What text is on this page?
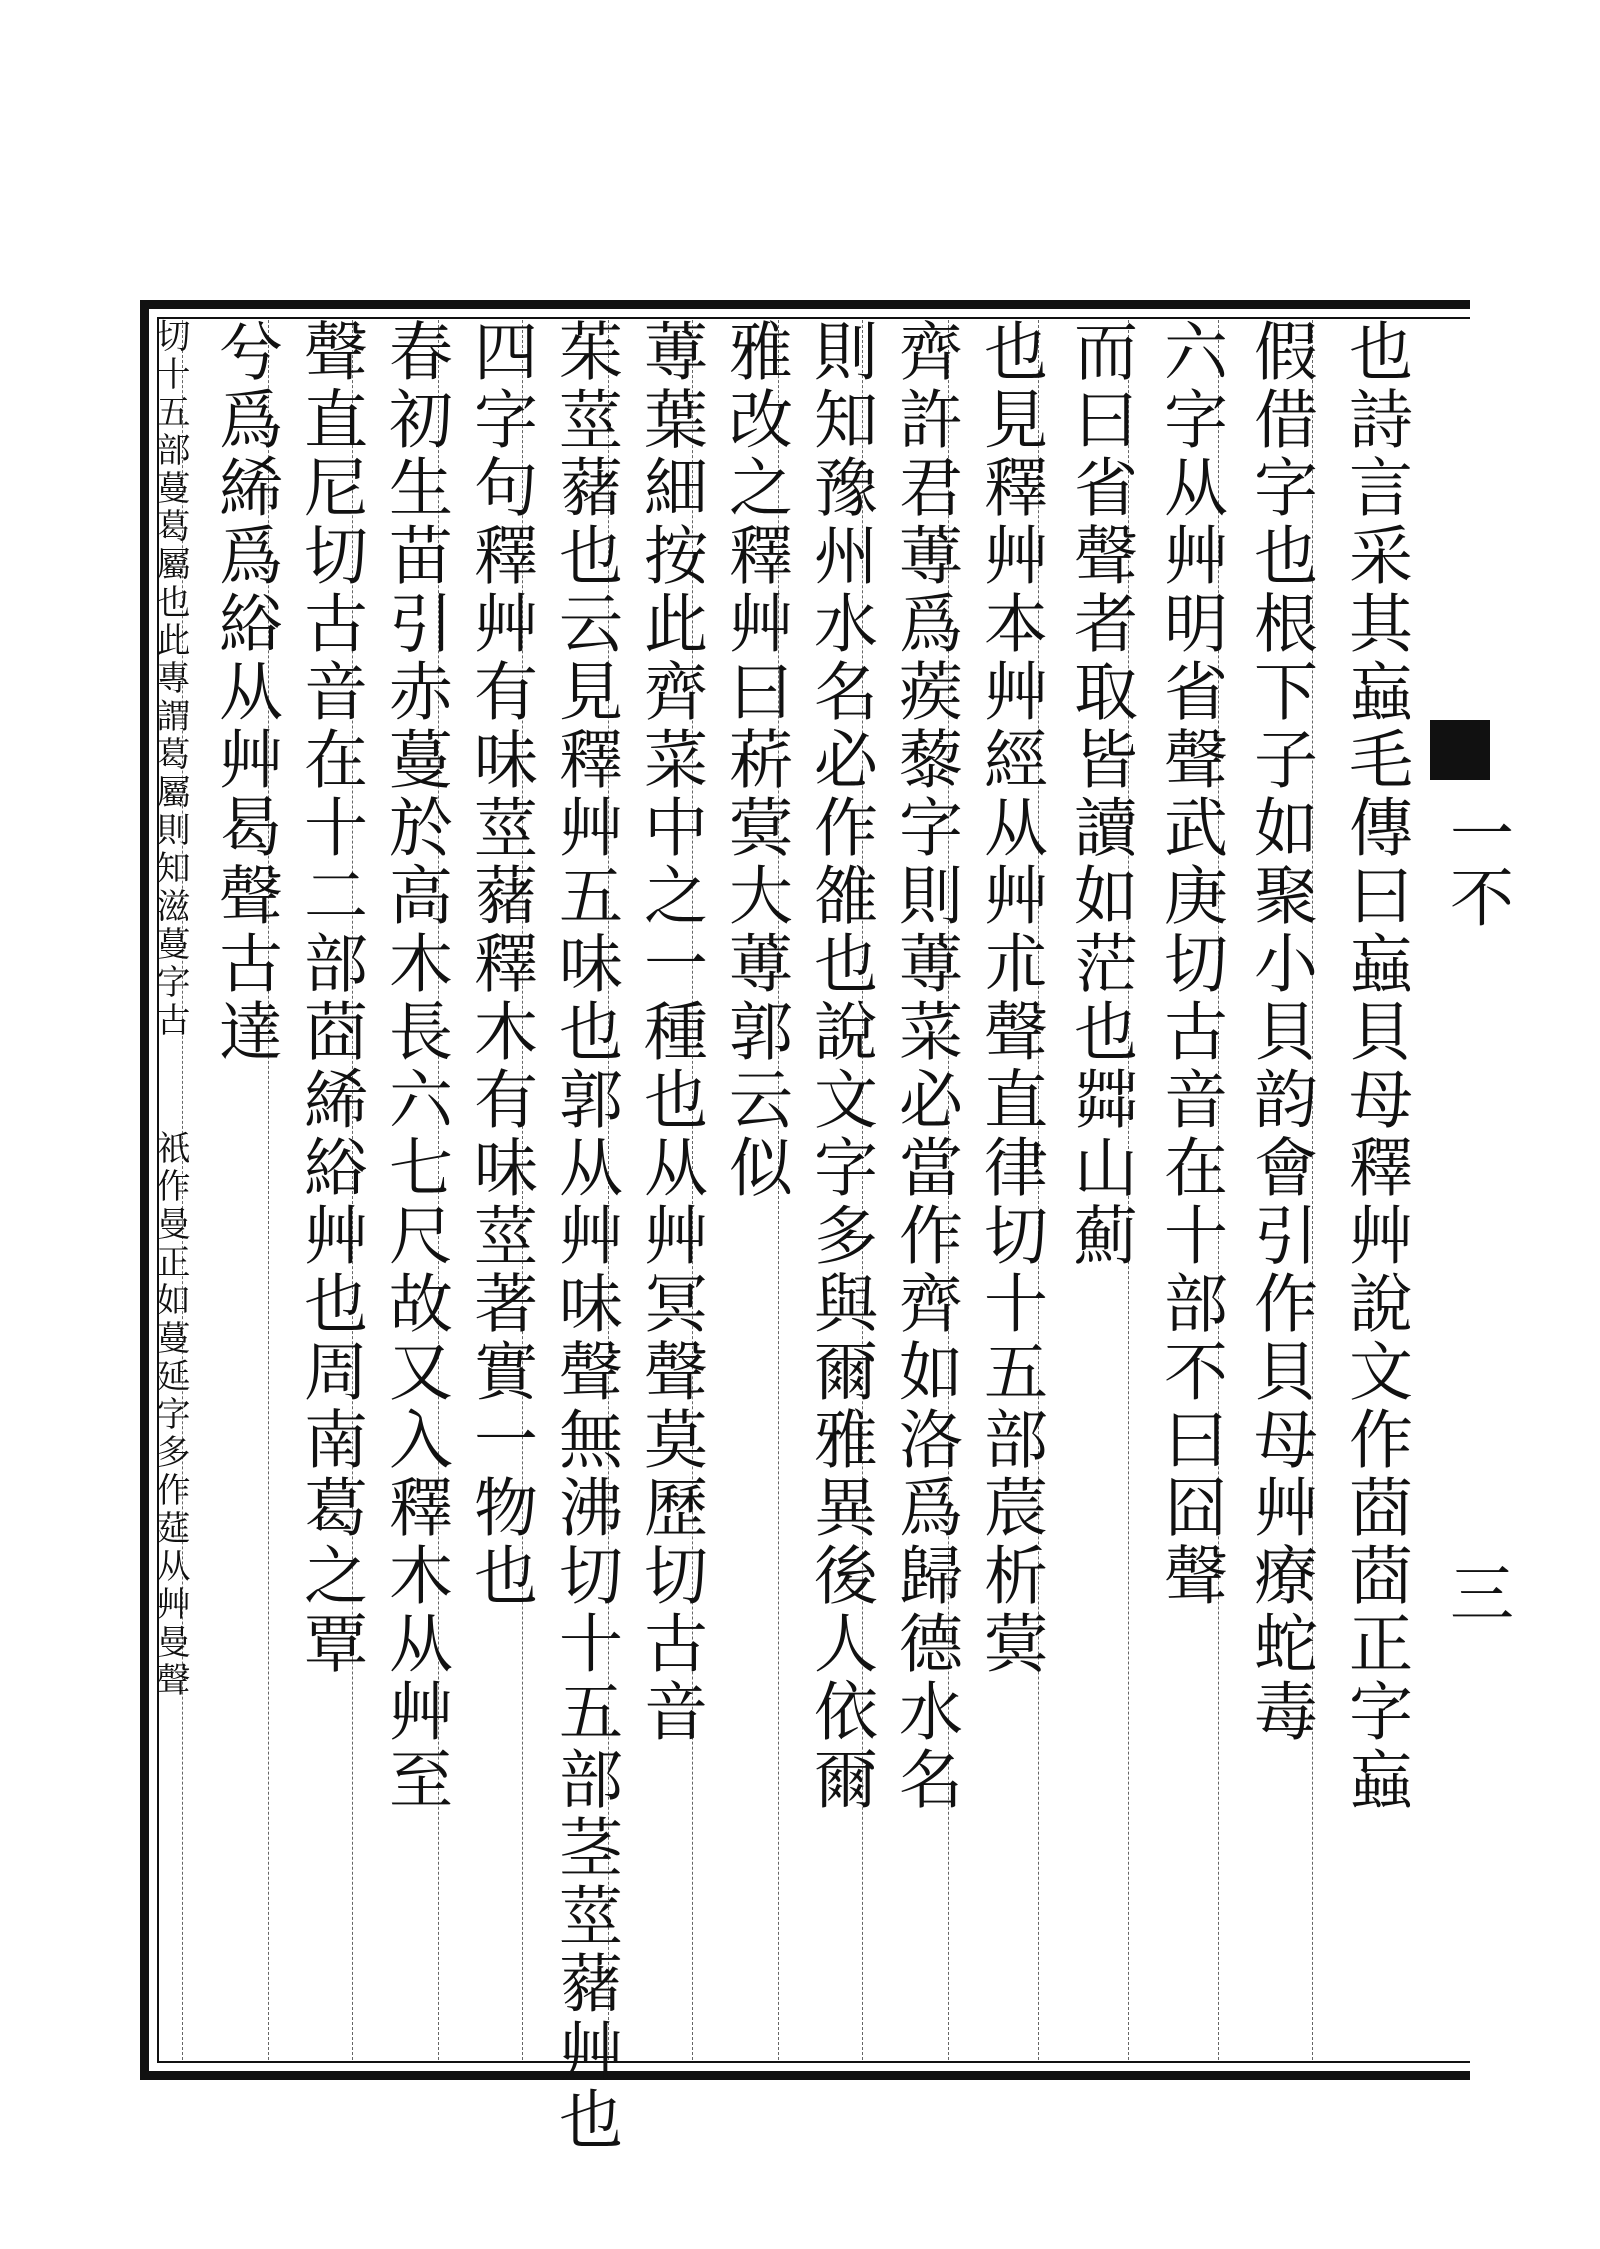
也詩言采其蝱毛傳曰蝱貝母釋艸說文作莔莔正字蝱
假借字也根下子如聚小貝韵會引作貝母艸療蛇毒
六字从艸明省聲武庚切古音在十部不曰囧聲
而曰省聲者取皆讀如茫也茻山薊
也見釋艸本艸經从艸朮聲直律切十五部莀析蓂
齊許君蒪爲蒺藜字則蒪菜必當作齊如洛爲歸德水名
則知豫州水名必作雒也說文字多與爾雅異後人依爾
雅改之釋艸曰菥蓂大蒪郭云似
蒪葉細按此齊菜中之一種也从艸冥聲莫歷切古音
茱莖藸也云見釋艸五味也郭从艸味聲無沸切十五部茎莖藸艸也
四字句釋艸有味莖藸釋木有味莖著實一物也
春初生苗引赤蔓於高木長六七尺故又入釋木从艸至
聲直尼切古音在十二部莔絺綌艸也周南葛之覃
兮爲絺爲綌从艸曷聲古達
切十五部蔓葛屬也此專謂葛屬則知滋蔓字古
祇作曼正如蔓延字多作莚从艸曼聲
一不
三
